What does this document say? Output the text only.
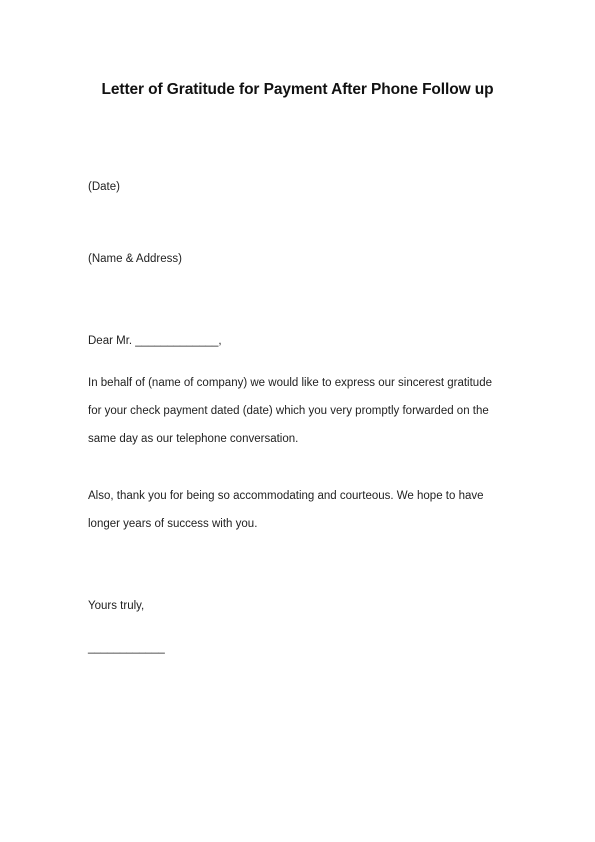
Letter of Gratitude for Payment After Phone Follow up
(Date)
(Name & Address)
Dear Mr. _____________,
In behalf of (name of company) we would like to express our sincerest gratitude
for your check payment dated (date) which you very promptly forwarded on the
same day as our telephone conversation.
Also, thank you for being so accommodating and courteous. We hope to have
longer years of success with you.
Yours truly,
____________
